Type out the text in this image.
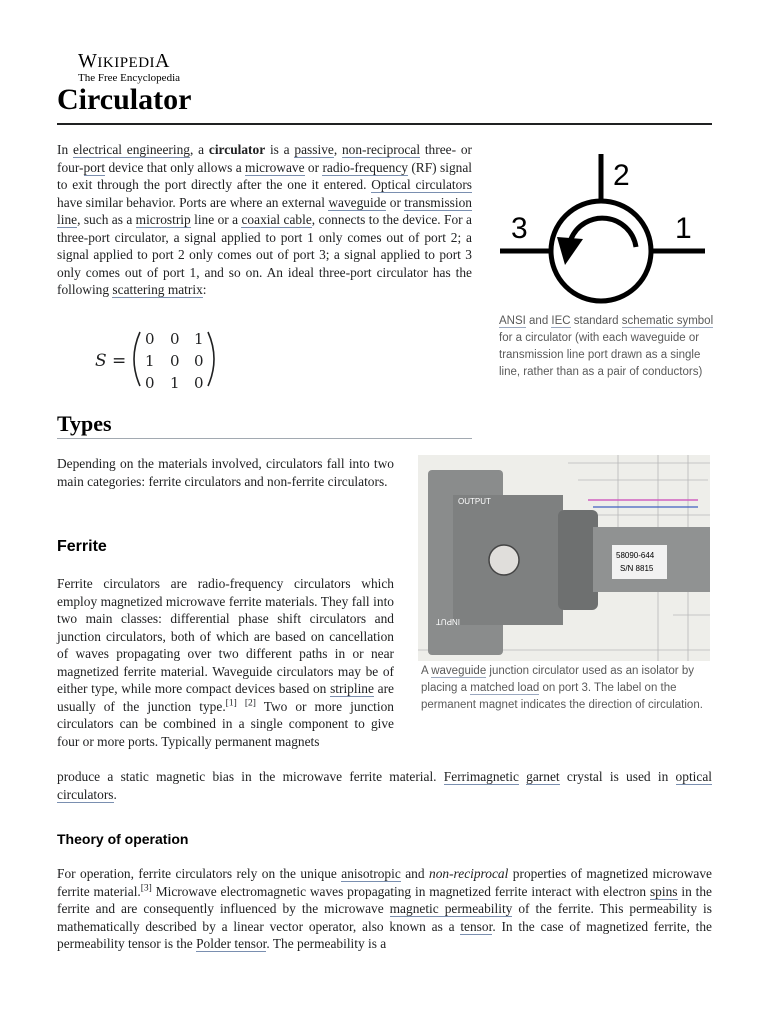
WIKIPEDIA
The Free Encyclopedia
Circulator
In electrical engineering, a circulator is a passive, non-reciprocal three- or four-port device that only allows a microwave or radio-frequency (RF) signal to exit through the port directly after the one it entered. Optical circulators have similar behavior. Ports are where an external waveguide or transmission line, such as a microstrip line or a coaxial cable, connects to the device. For a three-port circulator, a signal applied to port 1 only comes out of port 2; a signal applied to port 2 only comes out of port 3; a signal applied to port 3 only comes out of port 1, and so on. An ideal three-port circulator has the following scattering matrix:
S =
0 0 1
1 0 0
0 1 0
2
3	1
ANSI and IEC standard schematic symbol for a circulator (with each waveguide or transmission line port drawn as a single line, rather than as a pair of conductors)
Types
Depending on the materials involved, circulators fall into two main categories: ferrite circulators and non-ferrite circulators.
58090-644
S/N 8815
OUTPUT
INPUT
A waveguide junction circulator used as an isolator by placing a matched load on port 3. The label on the permanent magnet indicates the direction of circulation.
Ferrite
Ferrite circulators are radio-frequency circulators which employ magnetized microwave ferrite materials. They fall into two main classes: differential phase shift circulators and junction circulators, both of which are based on cancellation of waves propagating over two different paths in or near magnetized ferrite material. Waveguide circulators may be of either type, while more compact devices based on stripline are usually of the junction type.[1] [2] Two or more junction circulators can be combined in a single component to give four or more ports. Typically permanent magnets
produce a static magnetic bias in the microwave ferrite material. Ferrimagnetic garnet crystal is used in optical circulators.
Theory of operation
For operation, ferrite circulators rely on the unique anisotropic and non-reciprocal properties of magnetized microwave ferrite material.[3] Microwave electromagnetic waves propagating in magnetized ferrite interact with electron spins in the ferrite and are consequently influenced by the microwave magnetic permeability of the ferrite. This permeability is mathematically described by a linear vector operator, also known as a tensor. In the case of magnetized ferrite, the permeability tensor is the Polder tensor. The permeability is a
